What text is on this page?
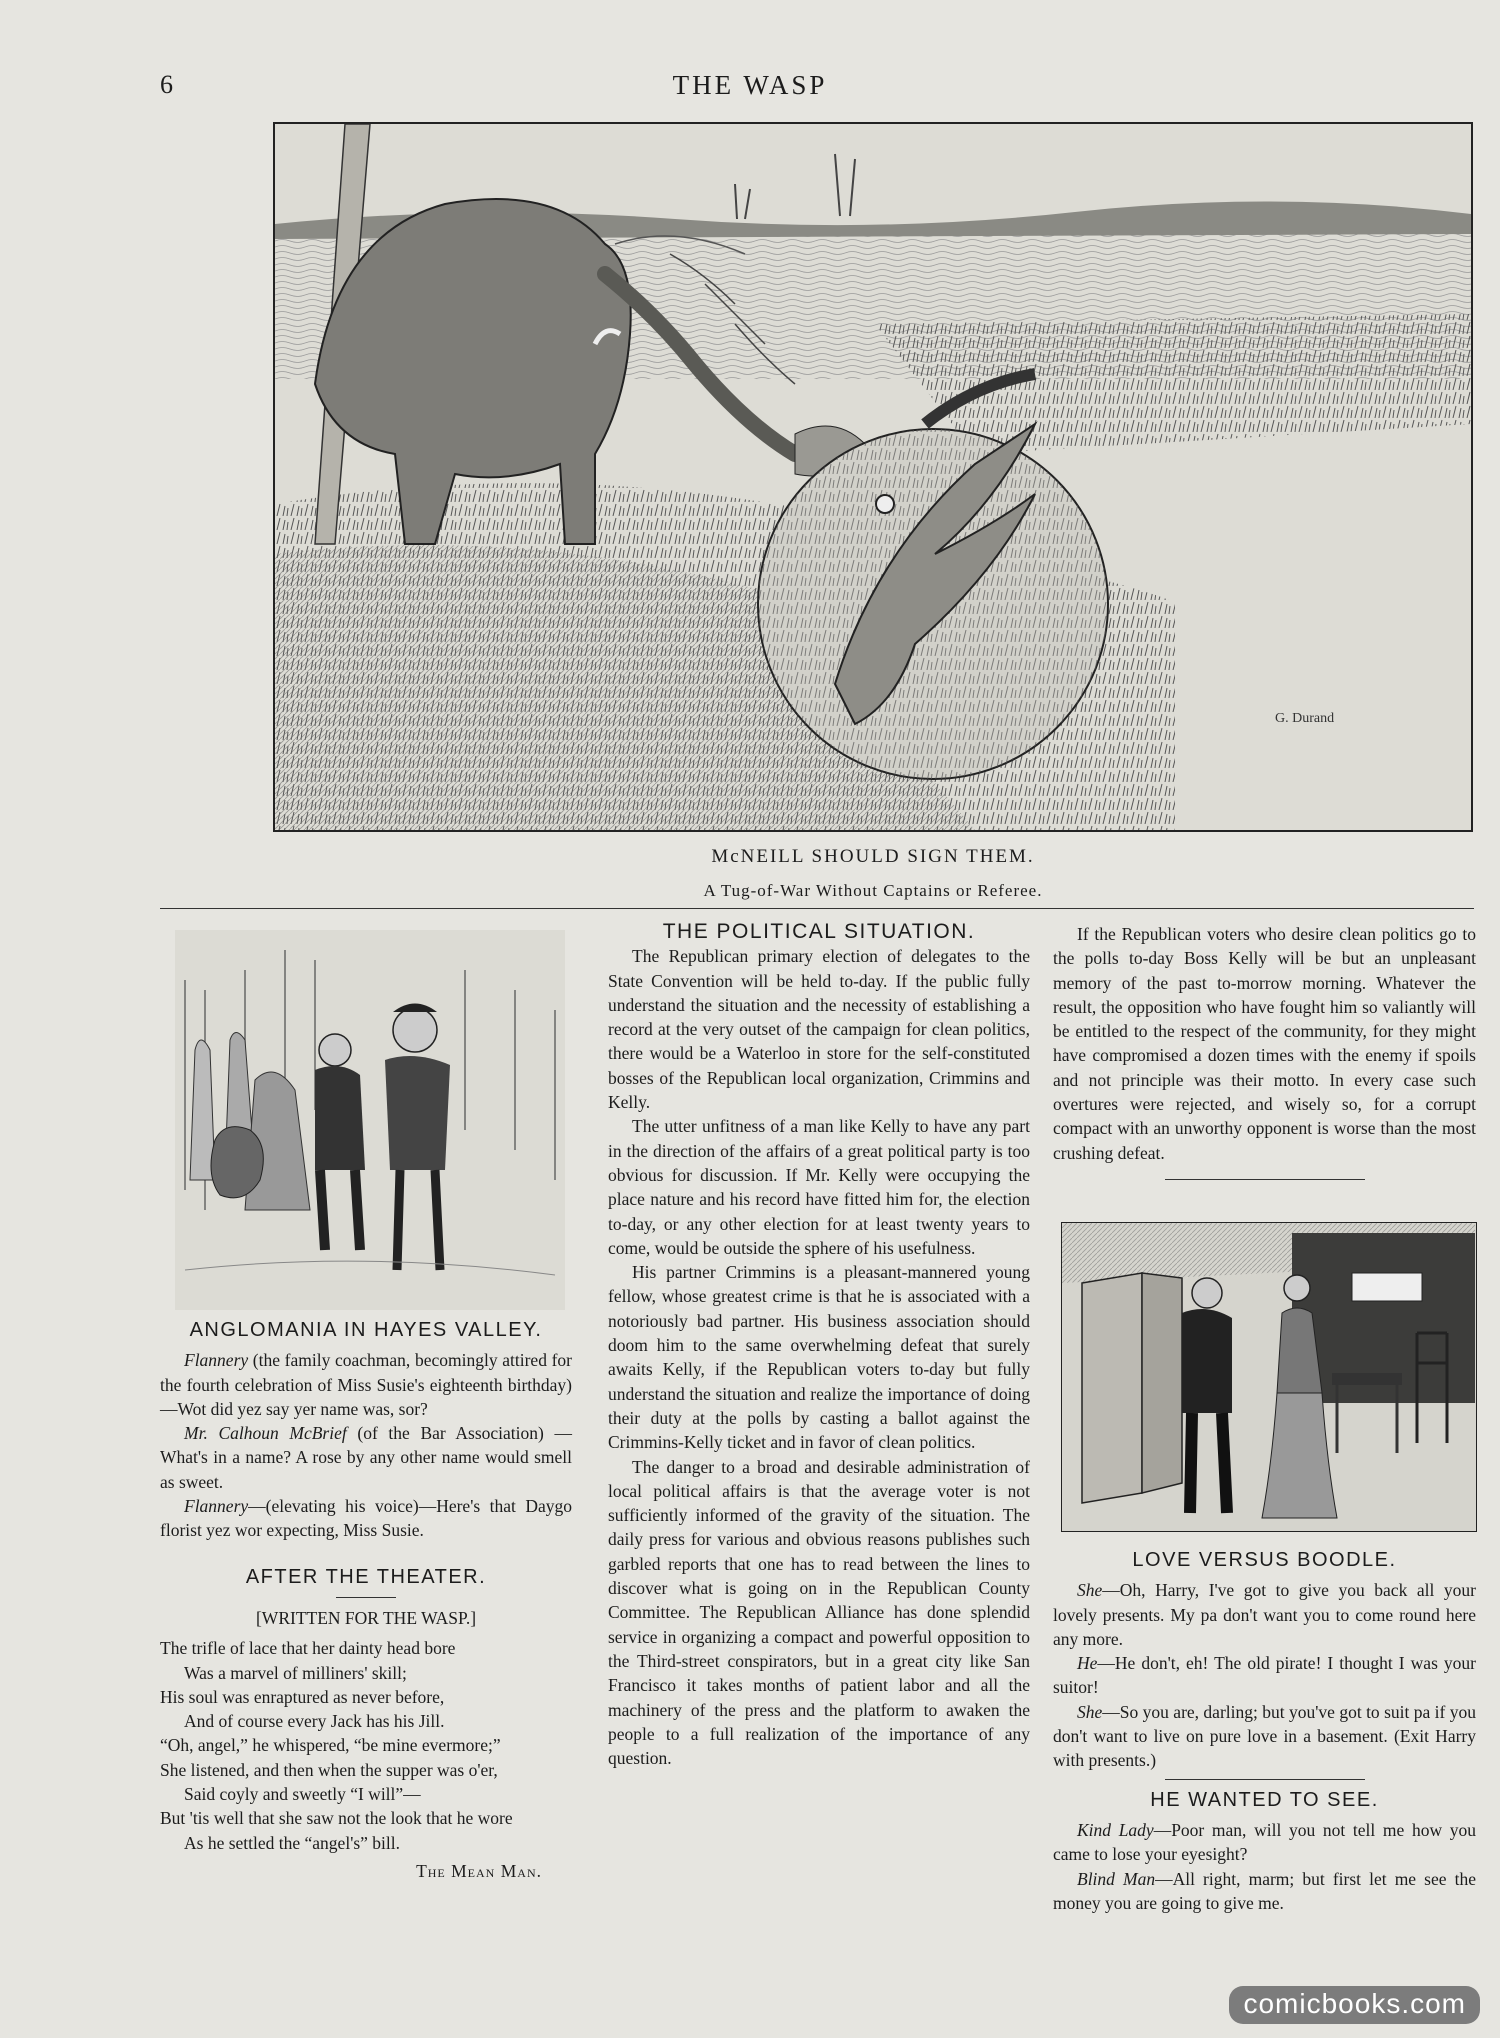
6	THE WASP
G. Durand
McNEILL SHOULD SIGN THEM.
A Tug-of-War Without Captains or Referee.

ANGLOMANIA IN HAYES VALLEY.

Flannery (the family coachman, becomingly attired for the fourth celebration of Miss Susie's eighteenth birthday)—Wot did yez say yer name was, sor?

Mr. Calhoun McBrief (of the Bar Association) —What's in a name? A rose by any other name would smell as sweet.

Flannery—(elevating his voice)—Here's that Daygo florist yez wor expecting, Miss Susie.

AFTER THE THEATER.

[WRITTEN FOR THE WASP.]

The trifle of lace that her dainty head bore

Was a marvel of milliners' skill;

His soul was enraptured as never before,

And of course every Jack has his Jill.

“Oh, angel,” he whispered, “be mine evermore;”

She listened, and then when the supper was o'er,

Said coyly and sweetly “I will”—

But 'tis well that she saw not the look that he wore

As he settled the “angel's” bill.

The Mean Man.

THE POLITICAL SITUATION.

The Republican primary election of delegates to the State Convention will be held to-day. If the public fully understand the situation and the necessity of establishing a record at the very outset of the campaign for clean politics, there would be a Waterloo in store for the self-constituted bosses of the Republican local organization, Crimmins and Kelly.

The utter unfitness of a man like Kelly to have any part in the direction of the affairs of a great political party is too obvious for discussion. If Mr. Kelly were occupying the place nature and his record have fitted him for, the election to-day, or any other election for at least twenty years to come, would be outside the sphere of his usefulness.

His partner Crimmins is a pleasant-mannered young fellow, whose greatest crime is that he is associated with a notoriously bad partner. His business association should doom him to the same overwhelming defeat that surely awaits Kelly, if the Republican voters to-day but fully understand the situation and realize the importance of doing their duty at the polls by casting a ballot against the Crimmins-Kelly ticket and in favor of clean politics.

The danger to a broad and desirable administration of local political affairs is that the average voter is not sufficiently informed of the gravity of the situation. The daily press for various and obvious reasons publishes such garbled reports that one has to read between the lines to discover what is going on in the Republican County Committee. The Republican Alliance has done splendid service in organizing a compact and powerful opposition to the Third-street conspirators, but in a great city like San Francisco it takes months of patient labor and all the machinery of the press and the platform to awaken the people to a full realization of the importance of any question.

If the Republican voters who desire clean politics go to the polls to-day Boss Kelly will be but an unpleasant memory of the past to-morrow morning. Whatever the result, the opposition who have fought him so valiantly will be entitled to the respect of the community, for they might have compromised a dozen times with the enemy if spoils and not principle was their motto. In every case such overtures were rejected, and wisely so, for a corrupt compact with an unworthy opponent is worse than the most crushing defeat.

LOVE VERSUS BOODLE.

She—Oh, Harry, I've got to give you back all your lovely presents. My pa don't want you to come round here any more.

He—He don't, eh! The old pirate! I thought I was your suitor!

She—So you are, darling; but you've got to suit pa if you don't want to live on pure love in a basement. (Exit Harry with presents.)

HE WANTED TO SEE.

Kind Lady—Poor man, will you not tell me how you came to lose your eyesight?

Blind Man—All right, marm; but first let me see the money you are going to give me.

comicbooks.com
